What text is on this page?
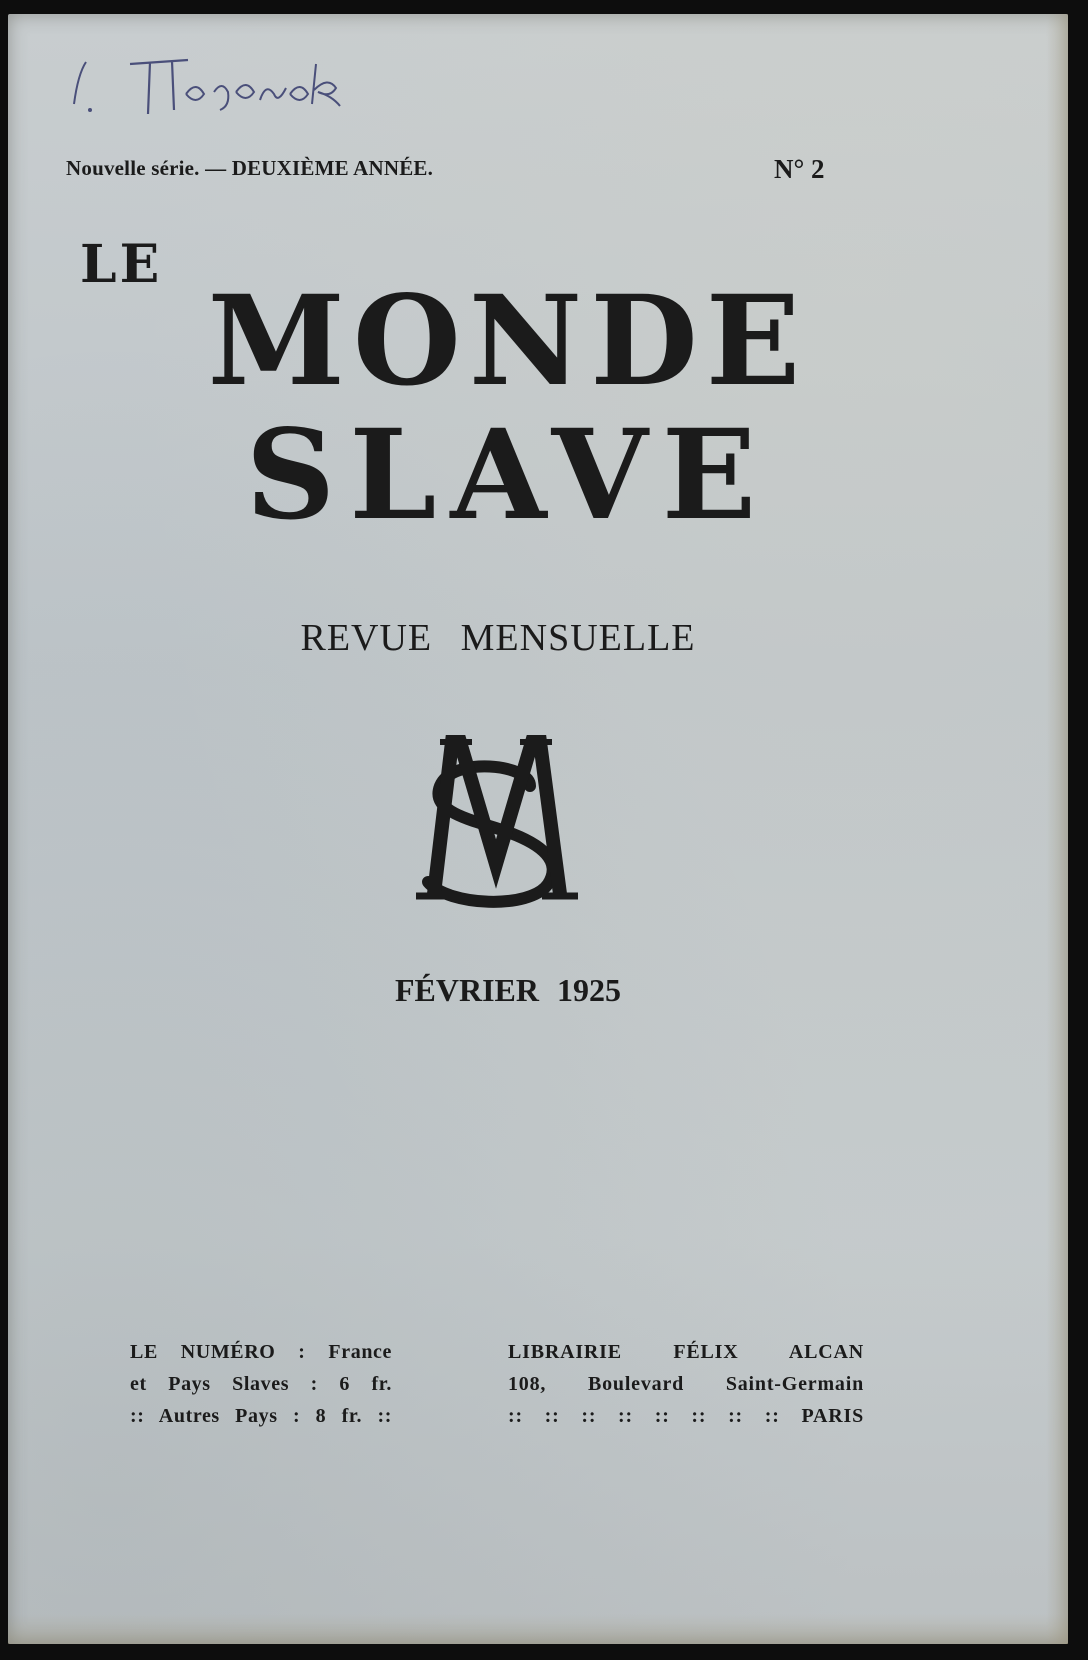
р. Годонок
Nouvelle série. — DEUXIÈME ANNÉE.	N° 2
LE
MONDE
SLAVE
REVUE MENSUELLE
MS
FÉVRIER 1925
LE NUMÉRO : France
et Pays Slaves : 6 fr.
:: Autres Pays : 8 fr. ::
LIBRAIRIE FÉLIX ALCAN
108, Boulevard Saint-Germain
:: :: :: :: :: :: :: :: PARIS
